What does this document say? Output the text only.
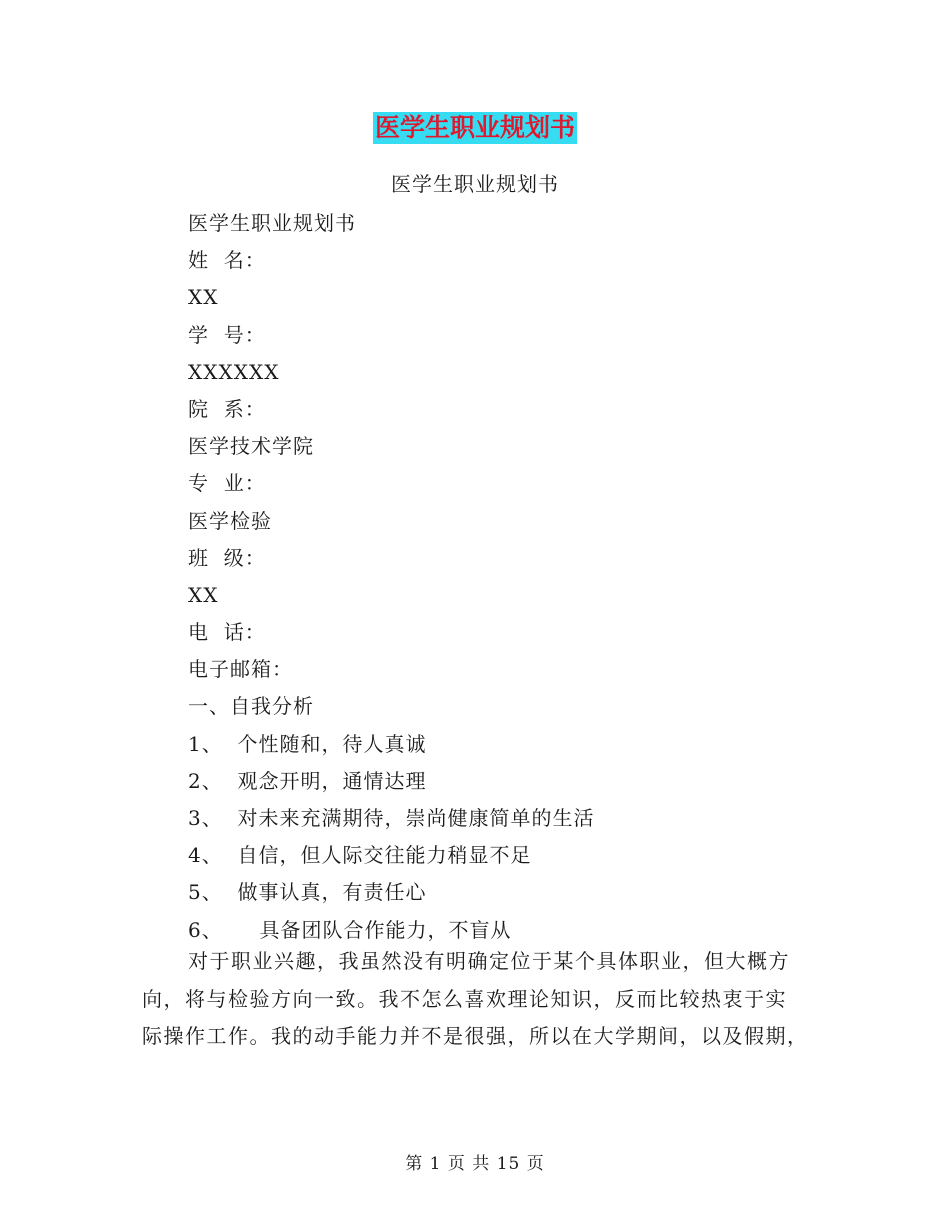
医学生职业规划书
医学生职业规划书
医学生职业规划书
姓  名：
XX
学  号：
XXXXXX
院  系：
医学技术学院
专  业：
医学检验
班  级：
XX
电  话：
电子邮箱：
一、自我分析
1、  个性随和，待人真诚
2、  观念开明，通情达理
3、  对未来充满期待，崇尚健康简单的生活
4、  自信，但人际交往能力稍显不足
5、  做事认真，有责任心
6、     具备团队合作能力，不盲从
对于职业兴趣，我虽然没有明确定位于某个具体职业，但大概方
向，将与检验方向一致。我不怎么喜欢理论知识，反而比较热衷于实
际操作工作。我的动手能力并不是很强，所以在大学期间，以及假期，
第 1 页 共 15 页
